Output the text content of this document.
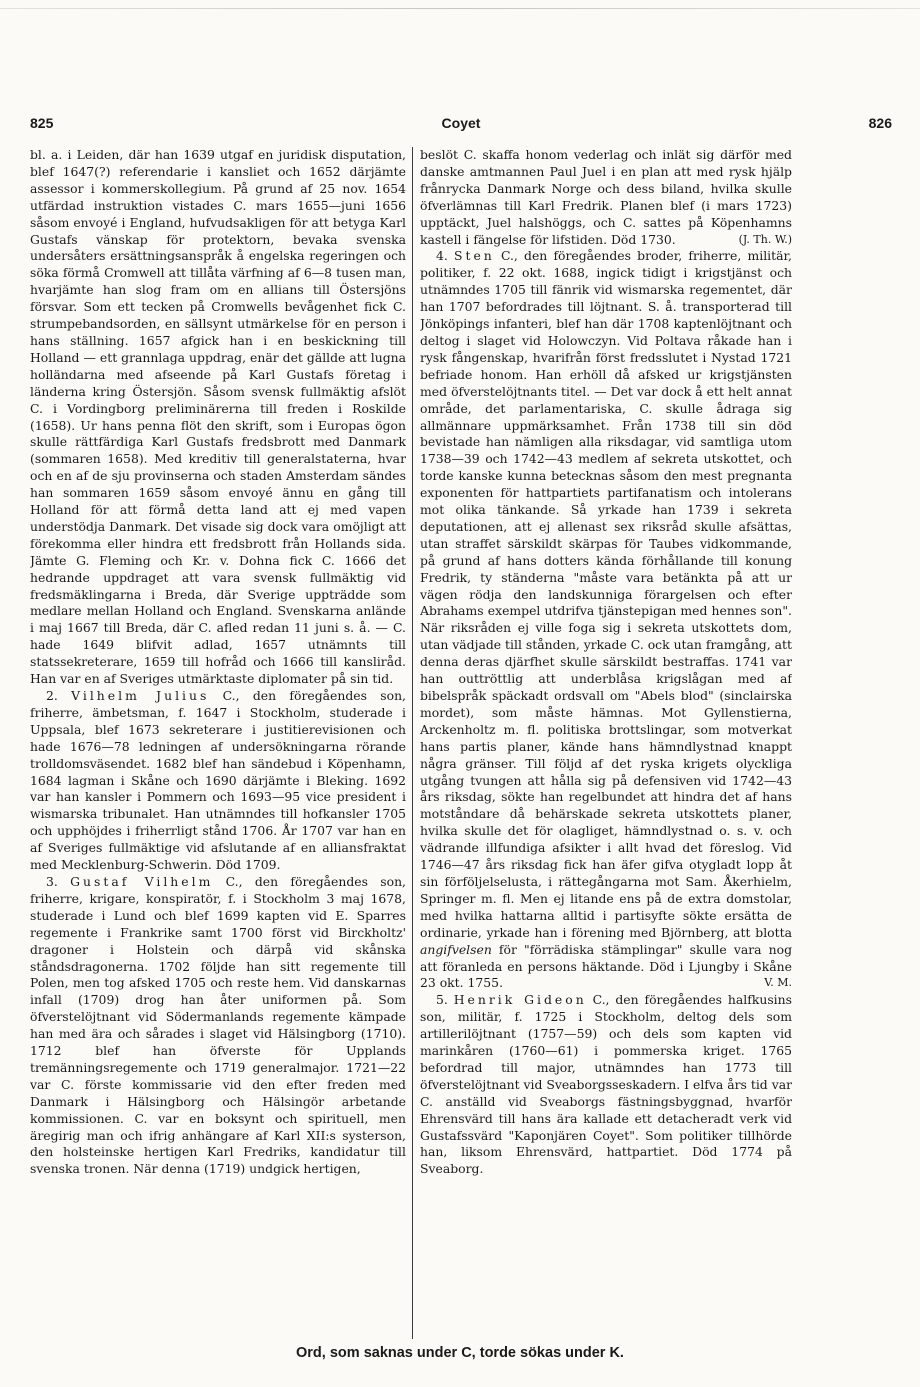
825	Coyet	826

bl. a. i Leiden, där han 1639 utgaf en juridisk disputation, blef 1647(?) referendarie i kansliet och 1652 därjämte assessor i kommerskollegium. På grund af 25 nov. 1654 utfärdad instruktion vistades C. mars 1655—juni 1656 såsom envoyé i England, hufvudsakligen för att betyga Karl Gustafs vänskap för protektorn, bevaka svenska undersåters ersättningsanspråk å engelska regeringen och söka förmå Cromwell att tillåta värfning af 6—8 tusen man, hvarjämte han slog fram om en allians till Östersjöns försvar. Som ett tecken på Cromwells bevågenhet fick C. strumpebandsorden, en sällsynt utmärkelse för en person i hans ställning. 1657 afgick han i en beskickning till Holland — ett grannlaga uppdrag, enär det gällde att lugna holländarna med afseende på Karl Gustafs företag i länderna kring Östersjön. Såsom svensk fullmäktig afslöt C. i Vordingborg preliminärerna till freden i Roskilde (1658). Ur hans penna flöt den skrift, som i Europas ögon skulle rättfärdiga Karl Gustafs fredsbrott med Danmark (sommaren 1658). Med kreditiv till generalstaterna, hvar och en af de sju provinserna och staden Amsterdam sändes han sommaren 1659 såsom envoyé ännu en gång till Holland för att förmå detta land att ej med vapen understödja Danmark. Det visade sig dock vara omöjligt att förekomma eller hindra ett fredsbrott från Hollands sida. Jämte G. Fleming och Kr. v. Dohna fick C. 1666 det hedrande uppdraget att vara svensk fullmäktig vid fredsmäklingarna i Breda, där Sverige uppträdde som medlare mellan Holland och England. Svenskarna anlände i maj 1667 till Breda, där C. afled redan 11 juni s. å. — C. hade 1649 blifvit adlad, 1657 utnämnts till statssekreterare, 1659 till hofråd och 1666 till kansliråd. Han var en af Sveriges utmärktaste diplomater på sin tid.

2. Vilhelm Julius C., den föregåendes son, friherre, ämbetsman, f. 1647 i Stockholm, studerade i Uppsala, blef 1673 sekreterare i justitierevisionen och hade 1676—78 ledningen af undersökningarna rörande trolldomsväsendet. 1682 blef han sändebud i Köpenhamn, 1684 lagman i Skåne och 1690 därjämte i Bleking. 1692 var han kansler i Pommern och 1693—95 vice president i wismarska tribunalet. Han utnämndes till hofkansler 1705 och upphöjdes i friherrligt stånd 1706. År 1707 var han en af Sveriges fullmäktige vid afslutande af en alliansfraktat med Mecklenburg-Schwerin. Död 1709.

3. Gustaf Vilhelm C., den föregåendes son, friherre, krigare, konspiratör, f. i Stockholm 3 maj 1678, studerade i Lund och blef 1699 kapten vid E. Sparres regemente i Frankrike samt 1700 först vid Birckholtz' dragoner i Holstein och därpå vid skånska ståndsdragonerna. 1702 följde han sitt regemente till Polen, men tog afsked 1705 och reste hem. Vid danskarnas infall (1709) drog han åter uniformen på. Som öfverstelöjtnant vid Södermanlands regemente kämpade han med ära och sårades i slaget vid Hälsingborg (1710). 1712 blef han öfverste för Upplands tremänningsregemente och 1719 generalmajor. 1721—22 var C. förste kommissarie vid den efter freden med Danmark i Hälsingborg och Hälsingör arbetande kommissionen. C. var en boksynt och spirituell, men äregirig man och ifrig anhängare af Karl XII:s systerson, den holsteinske hertigen Karl Fredriks, kandidatur till svenska tronen. När denna (1719) undgick hertigen,

beslöt C. skaffa honom vederlag och inlät sig därför med danske amtmannen Paul Juel i en plan att med rysk hjälp frånrycka Danmark Norge och dess biland, hvilka skulle öfverlämnas till Karl Fredrik. Planen blef (i mars 1723) upptäckt, Juel halshöggs, och C. sattes på Köpenhamns kastell i fängelse för lifstiden. Död 1730.	(J. Th. W.)

4. Sten C., den föregåendes broder, friherre, militär, politiker, f. 22 okt. 1688, ingick tidigt i krigstjänst och utnämndes 1705 till fänrik vid wismarska regementet, där han 1707 befordrades till löjtnant. S. å. transporterad till Jönköpings infanteri, blef han där 1708 kaptenlöjtnant och deltog i slaget vid Holowczyn. Vid Poltava råkade han i rysk fångenskap, hvarifrån först fredsslutet i Nystad 1721 befriade honom. Han erhöll då afsked ur krigstjänsten med öfverstelöjtnants titel. — Det var dock å ett helt annat område, det parlamentariska, C. skulle ådraga sig allmännare uppmärksamhet. Från 1738 till sin död bevistade han nämligen alla riksdagar, vid samtliga utom 1738—39 och 1742—43 medlem af sekreta utskottet, och torde kanske kunna betecknas såsom den mest pregnanta exponenten för hattpartiets partifanatism och intolerans mot olika tänkande. Så yrkade han 1739 i sekreta deputationen, att ej allenast sex riksråd skulle afsättas, utan straffet särskildt skärpas för Taubes vidkommande, på grund af hans dotters kända förhållande till konung Fredrik, ty ständerna "måste vara betänkta på att ur vägen rödja den landskunniga förargelsen och efter Abrahams exempel utdrifva tjänstepigan med hennes son". När riksråden ej ville foga sig i sekreta utskottets dom, utan vädjade till stånden, yrkade C. ock utan framgång, att denna deras djärfhet skulle särskildt bestraffas. 1741 var han outtröttlig att underblåsa krigslågan med af bibelspråk späckadt ordsvall om "Abels blod" (sinclairska mordet), som måste hämnas. Mot Gyllenstierna, Arckenholtz m. fl. politiska brottslingar, som motverkat hans partis planer, kände hans hämndlystnad knappt några gränser. Till följd af det ryska krigets olyckliga utgång tvungen att hålla sig på defensiven vid 1742—43 års riksdag, sökte han regelbundet att hindra det af hans motståndare då behärskade sekreta utskottets planer, hvilka skulle det för olagliget, hämndlystnad o. s. v. och vädrande illfundiga afsikter i allt hvad det föreslog. Vid 1746—47 års riksdag fick han äfer gifva otygladt lopp åt sin förföljelselusta, i rättegångarna mot Sam. Åkerhielm, Springer m. fl. Men ej litande ens på de extra domstolar, med hvilka hattarna alltid i partisyfte sökte ersätta de ordinarie, yrkade han i förening med Björnberg, att blotta angifvelsen för "förrädiska stämplingar" skulle vara nog att föranleda en persons häktande. Död i Ljungby i Skåne 23 okt. 1755.	V. M.

5. Henrik Gideon C., den föregåendes halfkusins son, militär, f. 1725 i Stockholm, deltog dels som artillerilöjtnant (1757—59) och dels som kapten vid marinkåren (1760—61) i pommerska kriget. 1765 befordrad till major, utnämndes han 1773 till öfverstelöjtnant vid Sveaborgsseskadern. I elfva års tid var C. anställd vid Sveaborgs fästningsbyggnad, hvarför Ehrensvärd till hans ära kallade ett detacheradt verk vid Gustafssvärd "Kaponjären Coyet". Som politiker tillhörde han, liksom Ehrensvärd, hattpartiet. Död 1774 på Sveaborg.

Ord, som saknas under C, torde sökas under K.
